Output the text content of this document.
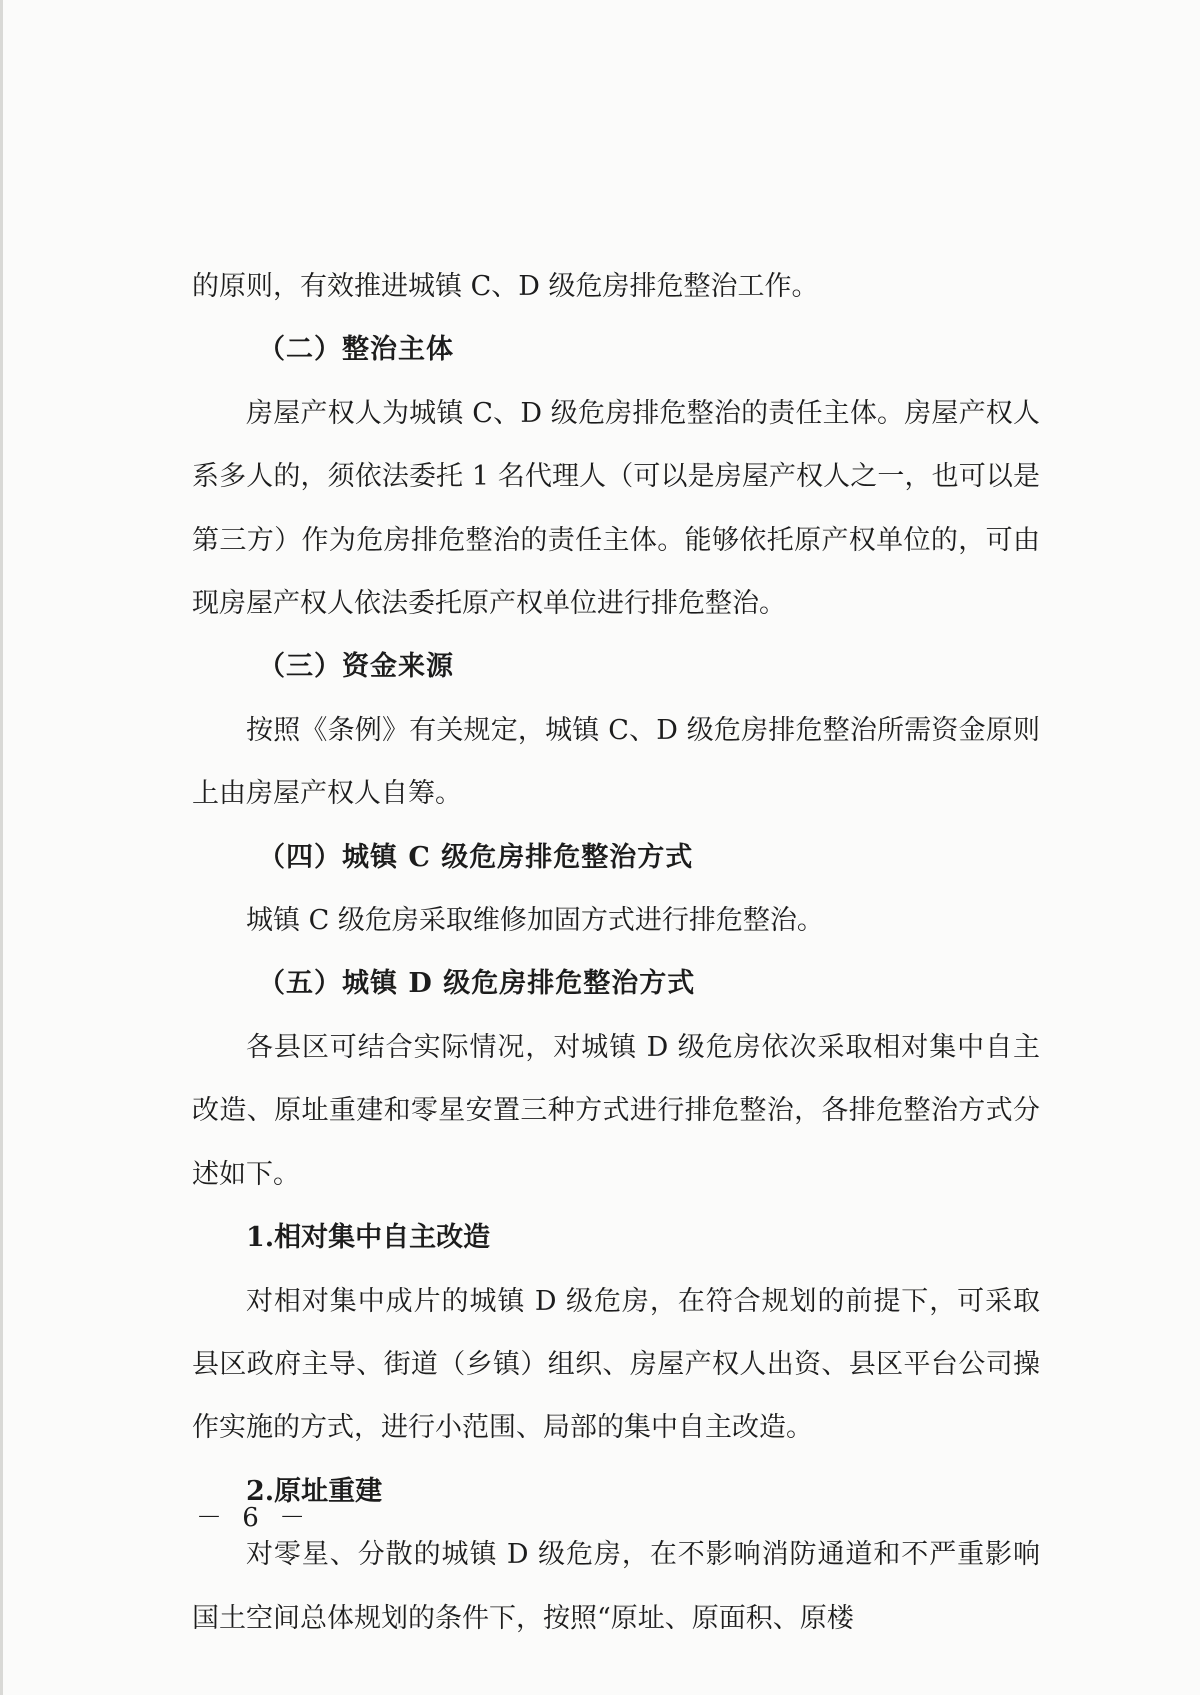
的原则，有效推进城镇 C、D 级危房排危整治工作。

（二）整治主体

房屋产权人为城镇 C、D 级危房排危整治的责任主体。房屋产权人系多人的，须依法委托 1 名代理人（可以是房屋产权人之一，也可以是第三方）作为危房排危整治的责任主体。能够依托原产权单位的，可由现房屋产权人依法委托原产权单位进行排危整治。

（三）资金来源

按照《条例》有关规定，城镇 C、D 级危房排危整治所需资金原则上由房屋产权人自筹。

（四）城镇 C 级危房排危整治方式

城镇 C 级危房采取维修加固方式进行排危整治。

（五）城镇 D 级危房排危整治方式

各县区可结合实际情况，对城镇 D 级危房依次采取相对集中自主改造、原址重建和零星安置三种方式进行排危整治，各排危整治方式分述如下。

1.相对集中自主改造

对相对集中成片的城镇 D 级危房，在符合规划的前提下，可采取县区政府主导、街道（乡镇）组织、房屋产权人出资、县区平台公司操作实施的方式，进行小范围、局部的集中自主改造。

2.原址重建

对零星、分散的城镇 D 级危房，在不影响消防通道和不严重影响国土空间总体规划的条件下，按照“原址、原面积、原楼

－ 6 －
